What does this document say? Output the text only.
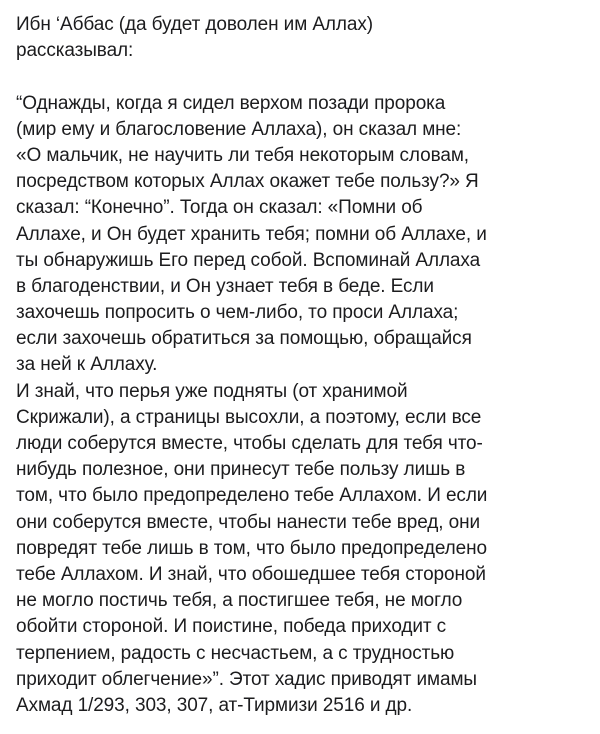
Ибн ‘Аббас (да будет доволен им Аллах)
рассказывал:
“Однажды, когда я сидел верхом позади пророка
(мир ему и благословение Аллаха), он сказал мне:
«О мальчик, не научить ли тебя некоторым словам,
посредством которых Аллах окажет тебе пользу?» Я
сказал: “Конечно”. Тогда он сказал: «Помни об
Аллахе, и Он будет хранить тебя; помни об Аллахе, и
ты обнаружишь Его перед собой. Вспоминай Аллаха
в благоденствии, и Он узнает тебя в беде. Если
захочешь попросить о чем-либо, то проси Аллаха;
если захочешь обратиться за помощью, обращайся
за ней к Аллаху.
И знай, что перья уже подняты (от хранимой
Скрижали), а страницы высохли, а поэтому, если все
люди соберутся вместе, чтобы сделать для тебя что-
нибудь полезное, они принесут тебе пользу лишь в
том, что было предопределено тебе Аллахом. И если
они соберутся вместе, чтобы нанести тебе вред, они
повредят тебе лишь в том, что было предопределено
тебе Аллахом. И знай, что обошедшее тебя стороной
не могло постичь тебя, а постигшее тебя, не могло
обойти стороной. И поистине, победа приходит с
терпением, радость с несчастьем, а с трудностью
приходит облегчение»”. Этот хадис приводят имамы
Ахмад 1/293, 303, 307, ат-Тирмизи 2516 и др.
